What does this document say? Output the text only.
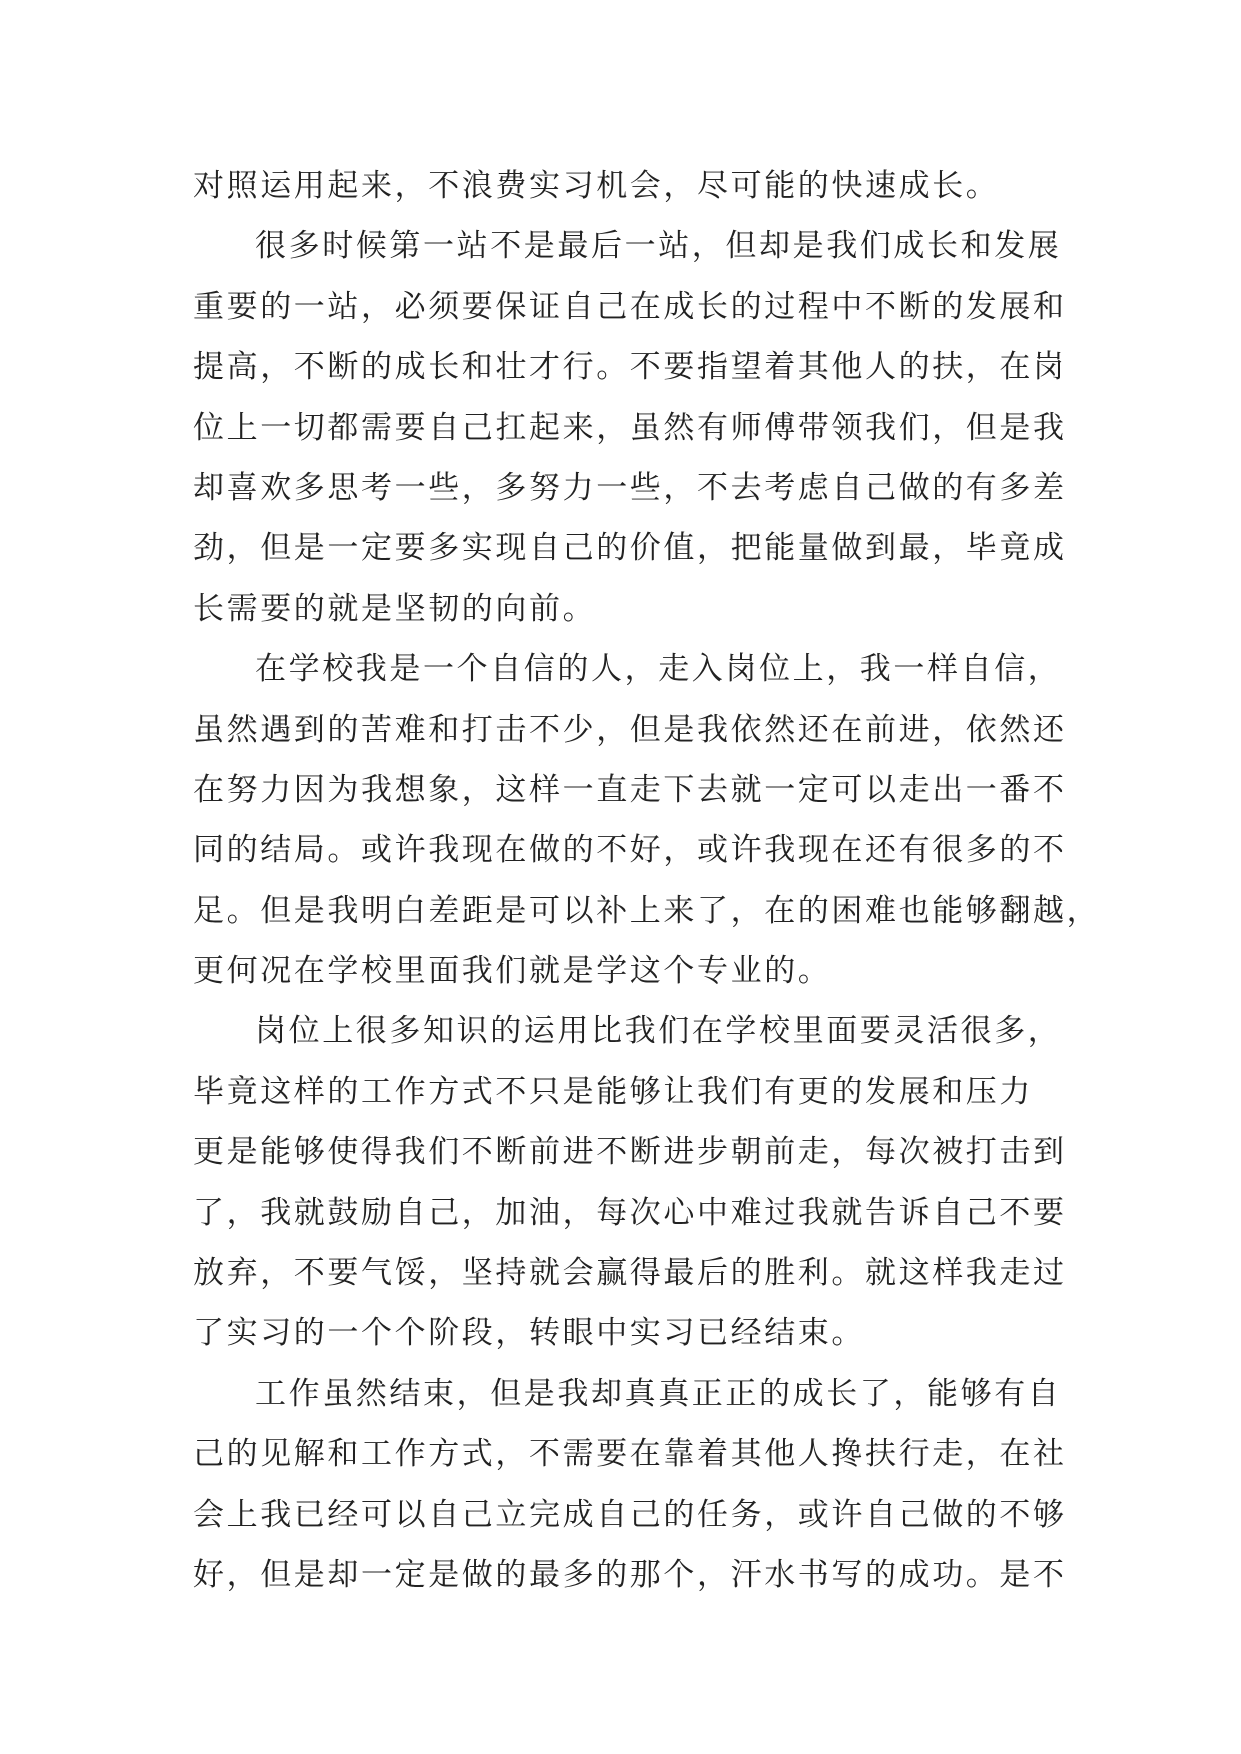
对照运用起来，不浪费实习机会，尽可能的快速成长。
很多时候第一站不是最后一站，但却是我们成长和发展
重要的一站，必须要保证自己在成长的过程中不断的发展和
提高，不断的成长和壮才行。不要指望着其他人的扶，在岗
位上一切都需要自己扛起来，虽然有师傅带领我们，但是我
却喜欢多思考一些，多努力一些，不去考虑自己做的有多差
劲，但是一定要多实现自己的价值，把能量做到最，毕竟成
长需要的就是坚韧的向前。
在学校我是一个自信的人，走入岗位上，我一样自信，
虽然遇到的苦难和打击不少，但是我依然还在前进，依然还
在努力因为我想象，这样一直走下去就一定可以走出一番不
同的结局。或许我现在做的不好，或许我现在还有很多的不
足。但是我明白差距是可以补上来了，在的困难也能够翻越，
更何况在学校里面我们就是学这个专业的。
岗位上很多知识的运用比我们在学校里面要灵活很多，
毕竟这样的工作方式不只是能够让我们有更的发展和压力
更是能够使得我们不断前进不断进步朝前走，每次被打击到
了，我就鼓励自己，加油，每次心中难过我就告诉自己不要
放弃，不要气馁，坚持就会赢得最后的胜利。就这样我走过
了实习的一个个阶段，转眼中实习已经结束。
工作虽然结束，但是我却真真正正的成长了，能够有自
己的见解和工作方式，不需要在靠着其他人搀扶行走，在社
会上我已经可以自己立完成自己的任务，或许自己做的不够
好，但是却一定是做的最多的那个，汗水书写的成功。是不
